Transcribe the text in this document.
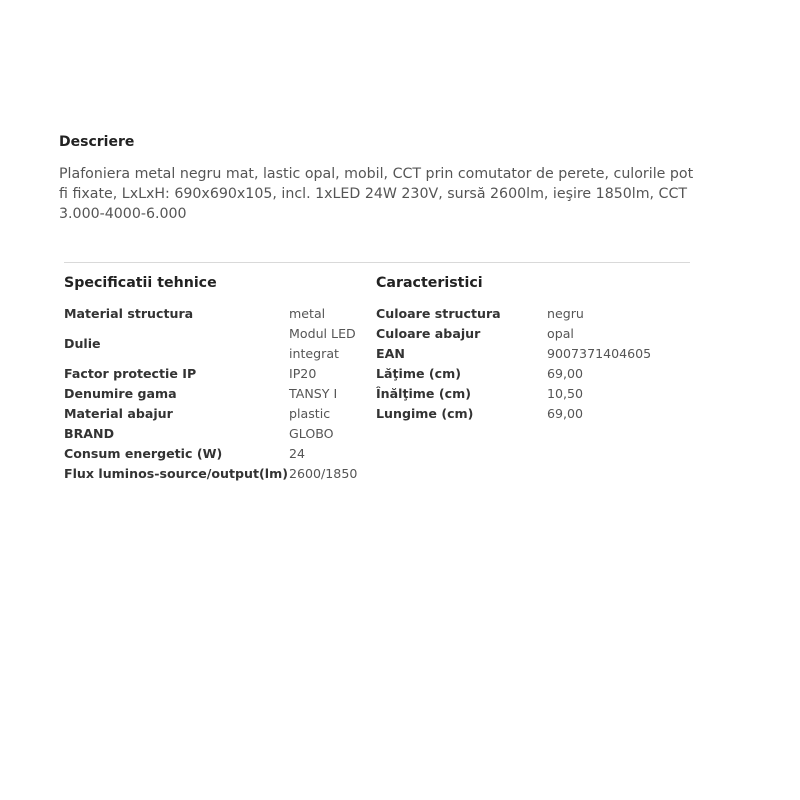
Descriere
Plafoniera metal negru mat, lastic opal, mobil, CCT prin comutator de perete, culorile pot fi fixate, LxLxH: 690x690x105, incl. 1xLED 24W 230V, sursă 2600lm, ieşire 1850lm, CCT 3.000-4000-6.000
Specificatii tehnice	Caracteristici
Material structura	metal
Dulie	Modul LED
integrat

Factor protectie IP	IP20
Denumire gama	TANSY I
Material abajur	plastic
BRAND	GLOBO
Consum energetic (W)	24
Flux luminos-source/output(lm)	2600/1850
Culoare structura	negru
Culoare abajur	opal
EAN	9007371404605
Lăţime (cm)	69,00
Înălţime (cm)	10,50
Lungime (cm)	69,00
